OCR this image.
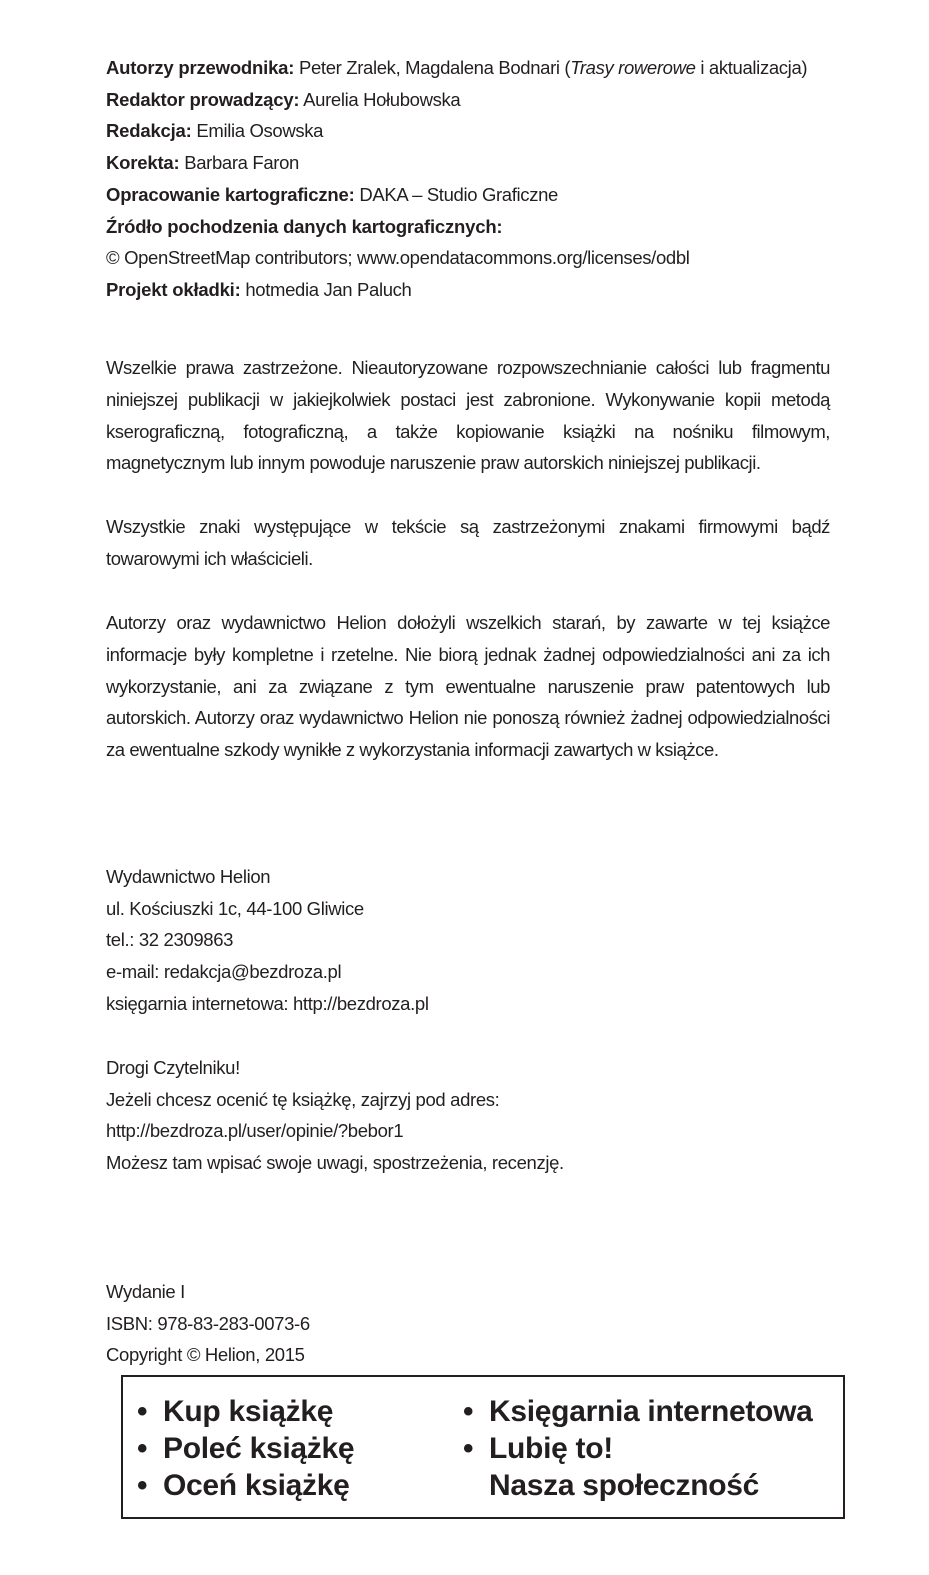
Autorzy przewodnika: Peter Zralek, Magdalena Bodnari (Trasy rowerowe i aktualizacja)
Redaktor prowadzący: Aurelia Hołubowska
Redakcja: Emilia Osowska
Korekta: Barbara Faron
Opracowanie kartograficzne: DAKA – Studio Graficzne
Źródło pochodzenia danych kartograficznych:
© OpenStreetMap contributors; www.opendatacommons.org/licenses/odbl
Projekt okładki: hotmedia Jan Paluch
Wszelkie prawa zastrzeżone. Nieautoryzowane rozpowszechnianie całości lub fragmentu niniejszej publikacji w jakiejkolwiek postaci jest zabronione. Wykonywanie kopii metodą kserograficzną, fotograficzną, a także kopiowanie książki na nośniku filmowym, magnetycznym lub innym powoduje naruszenie praw autorskich niniejszej publikacji.
Wszystkie znaki występujące w tekście są zastrzeżonymi znakami firmowymi bądź towarowymi ich właścicieli.
Autorzy oraz wydawnictwo Helion dołożyli wszelkich starań, by zawarte w tej książce informacje były kompletne i rzetelne. Nie biorą jednak żadnej odpowiedzialności ani za ich wykorzystanie, ani za związane z tym ewentualne naruszenie praw patentowych lub autorskich. Autorzy oraz wydawnictwo Helion nie ponoszą również żadnej odpowiedzialności za ewentualne szkody wynikłe z wykorzystania informacji zawartych w książce.
Wydawnictwo Helion
ul. Kościuszki 1c, 44-100 Gliwice
tel.: 32 2309863
e-mail: redakcja@bezdroza.pl
księgarnia internetowa: http://bezdroza.pl
Drogi Czytelniku!
Jeżeli chcesz ocenić tę książkę, zajrzyj pod adres:
http://bezdroza.pl/user/opinie/?bebor1
Możesz tam wpisać swoje uwagi, spostrzeżenia, recenzję.
Wydanie I
ISBN: 978-83-283-0073-6
Copyright © Helion, 2015
• Kup książkę
• Poleć książkę
• Oceń książkę
• Księgarnia internetowa
• Lubię to!
Nasza społeczność
